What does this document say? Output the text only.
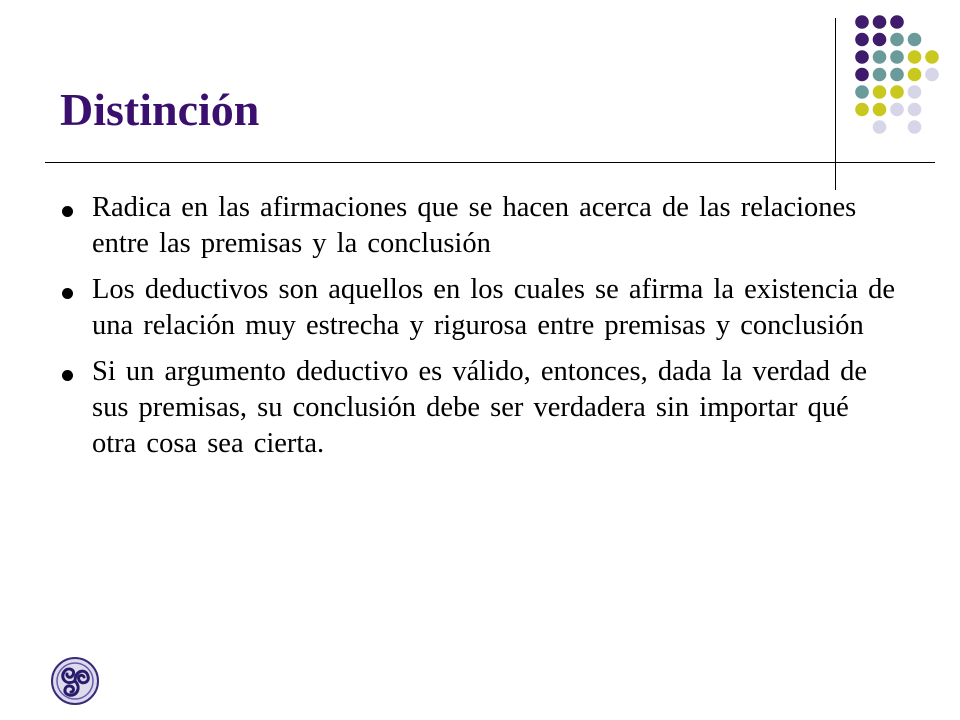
Distinción
Radica en las afirmaciones que se hacen acerca de las relaciones entre las premisas y la conclusión
Los deductivos son aquellos en los cuales se afirma la existencia de una relación muy estrecha y rigurosa entre premisas y conclusión
Si un argumento deductivo es válido, entonces, dada la verdad de sus premisas, su conclusión debe ser verdadera sin importar qué otra cosa sea cierta.
